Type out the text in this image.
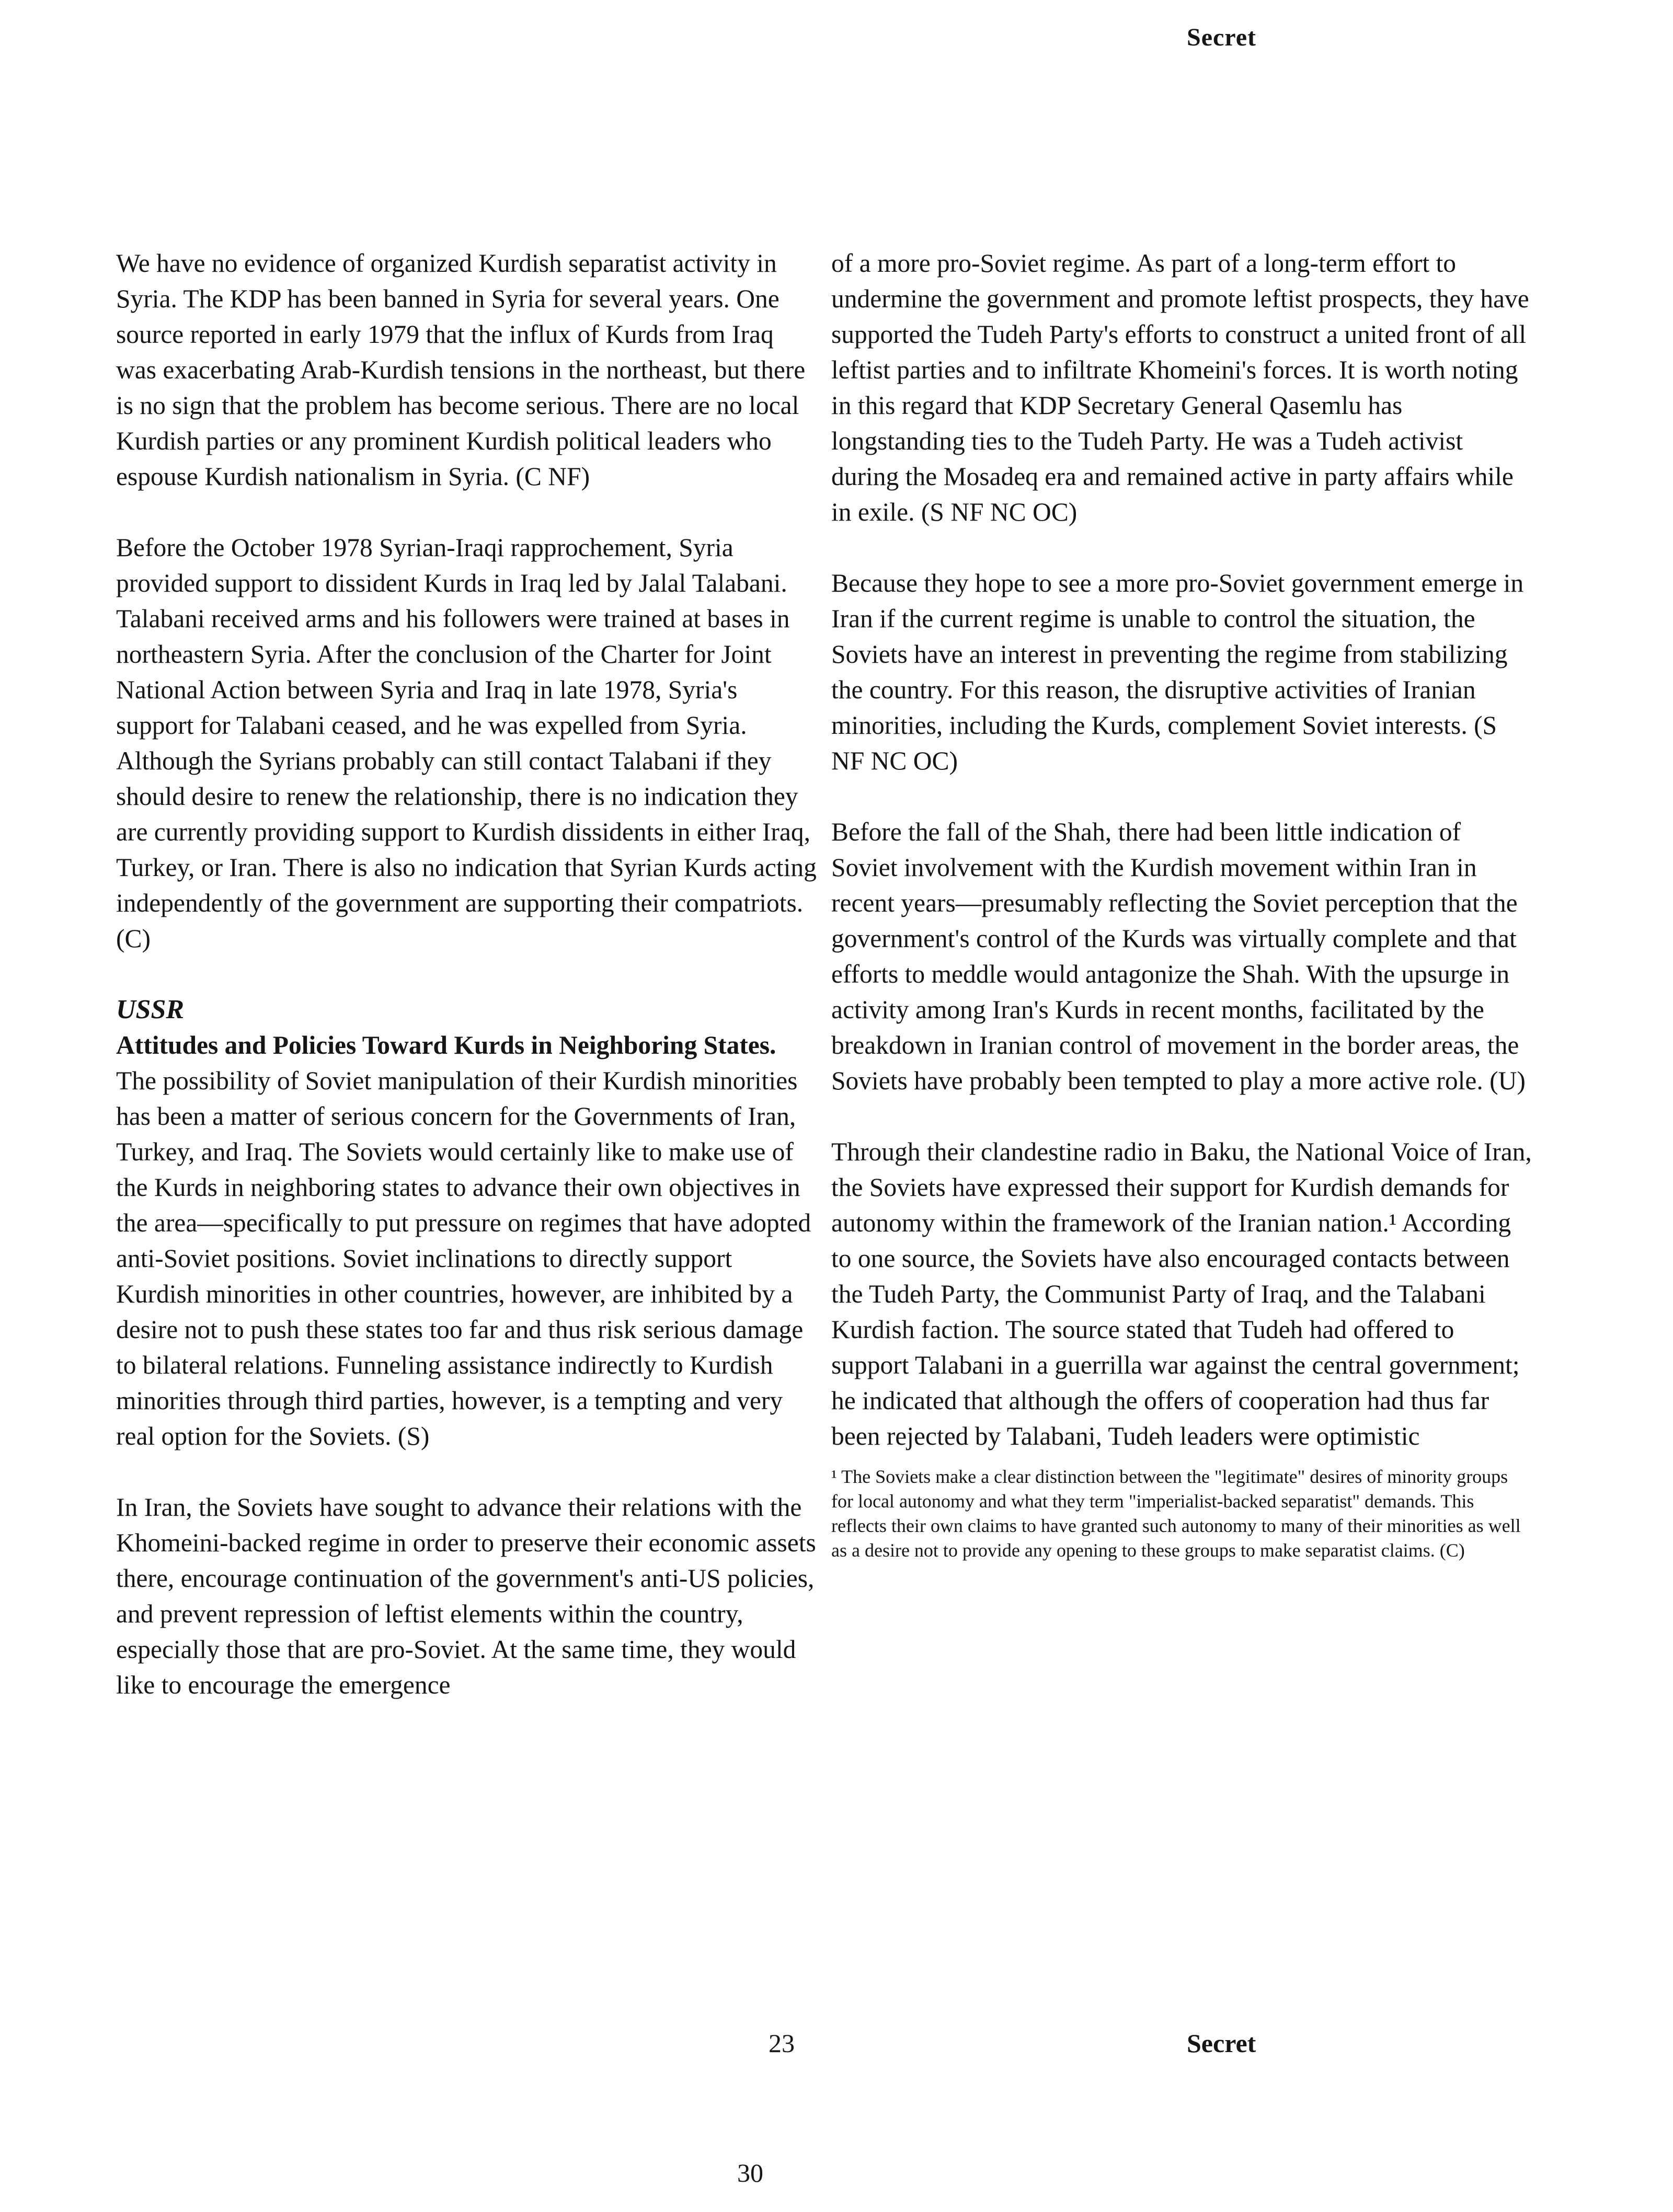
Secret

We have no evidence of organized Kurdish separatist activity in Syria. The KDP has been banned in Syria for several years. One source reported in early 1979 that the influx of Kurds from Iraq was exacerbating Arab-Kurdish tensions in the northeast, but there is no sign that the problem has become serious. There are no local Kurdish parties or any prominent Kurdish political leaders who espouse Kurdish nationalism in Syria. (C NF)

Before the October 1978 Syrian-Iraqi rapprochement, Syria provided support to dissident Kurds in Iraq led by Jalal Talabani. Talabani received arms and his followers were trained at bases in northeastern Syria. After the conclusion of the Charter for Joint National Action between Syria and Iraq in late 1978, Syria's support for Talabani ceased, and he was expelled from Syria. Although the Syrians probably can still contact Talabani if they should desire to renew the relationship, there is no indication they are currently providing support to Kurdish dissidents in either Iraq, Turkey, or Iran. There is also no indication that Syrian Kurds acting independently of the government are supporting their compatriots. (C)

USSR

Attitudes and Policies Toward Kurds in Neighboring States. The possibility of Soviet manipulation of their Kurdish minorities has been a matter of serious concern for the Governments of Iran, Turkey, and Iraq. The Soviets would certainly like to make use of the Kurds in neighboring states to advance their own objectives in the area—specifically to put pressure on regimes that have adopted anti-Soviet positions. Soviet inclinations to directly support Kurdish minorities in other countries, however, are inhibited by a desire not to push these states too far and thus risk serious damage to bilateral relations. Funneling assistance indirectly to Kurdish minorities through third parties, however, is a tempting and very real option for the Soviets. (S)

In Iran, the Soviets have sought to advance their relations with the Khomeini-backed regime in order to preserve their economic assets there, encourage continuation of the government's anti-US policies, and prevent repression of leftist elements within the country, especially those that are pro-Soviet. At the same time, they would like to encourage the emergence

of a more pro-Soviet regime. As part of a long-term effort to undermine the government and promote leftist prospects, they have supported the Tudeh Party's efforts to construct a united front of all leftist parties and to infiltrate Khomeini's forces. It is worth noting in this regard that KDP Secretary General Qasemlu has longstanding ties to the Tudeh Party. He was a Tudeh activist during the Mosadeq era and remained active in party affairs while in exile. (S NF NC OC)

Because they hope to see a more pro-Soviet government emerge in Iran if the current regime is unable to control the situation, the Soviets have an interest in preventing the regime from stabilizing the country. For this reason, the disruptive activities of Iranian minorities, including the Kurds, complement Soviet interests. (S NF NC OC)

Before the fall of the Shah, there had been little indication of Soviet involvement with the Kurdish movement within Iran in recent years—presumably reflecting the Soviet perception that the government's control of the Kurds was virtually complete and that efforts to meddle would antagonize the Shah. With the upsurge in activity among Iran's Kurds in recent months, facilitated by the breakdown in Iranian control of movement in the border areas, the Soviets have probably been tempted to play a more active role. (U)

Through their clandestine radio in Baku, the National Voice of Iran, the Soviets have expressed their support for Kurdish demands for autonomy within the framework of the Iranian nation.¹ According to one source, the Soviets have also encouraged contacts between the Tudeh Party, the Communist Party of Iraq, and the Talabani Kurdish faction. The source stated that Tudeh had offered to support Talabani in a guerrilla war against the central government; he indicated that although the offers of cooperation had thus far been rejected by Talabani, Tudeh leaders were optimistic

¹ The Soviets make a clear distinction between the "legitimate" desires of minority groups for local autonomy and what they term "imperialist-backed separatist" demands. This reflects their own claims to have granted such autonomy to many of their minorities as well as a desire not to provide any opening to these groups to make separatist claims. (C)

23	Secret
30
